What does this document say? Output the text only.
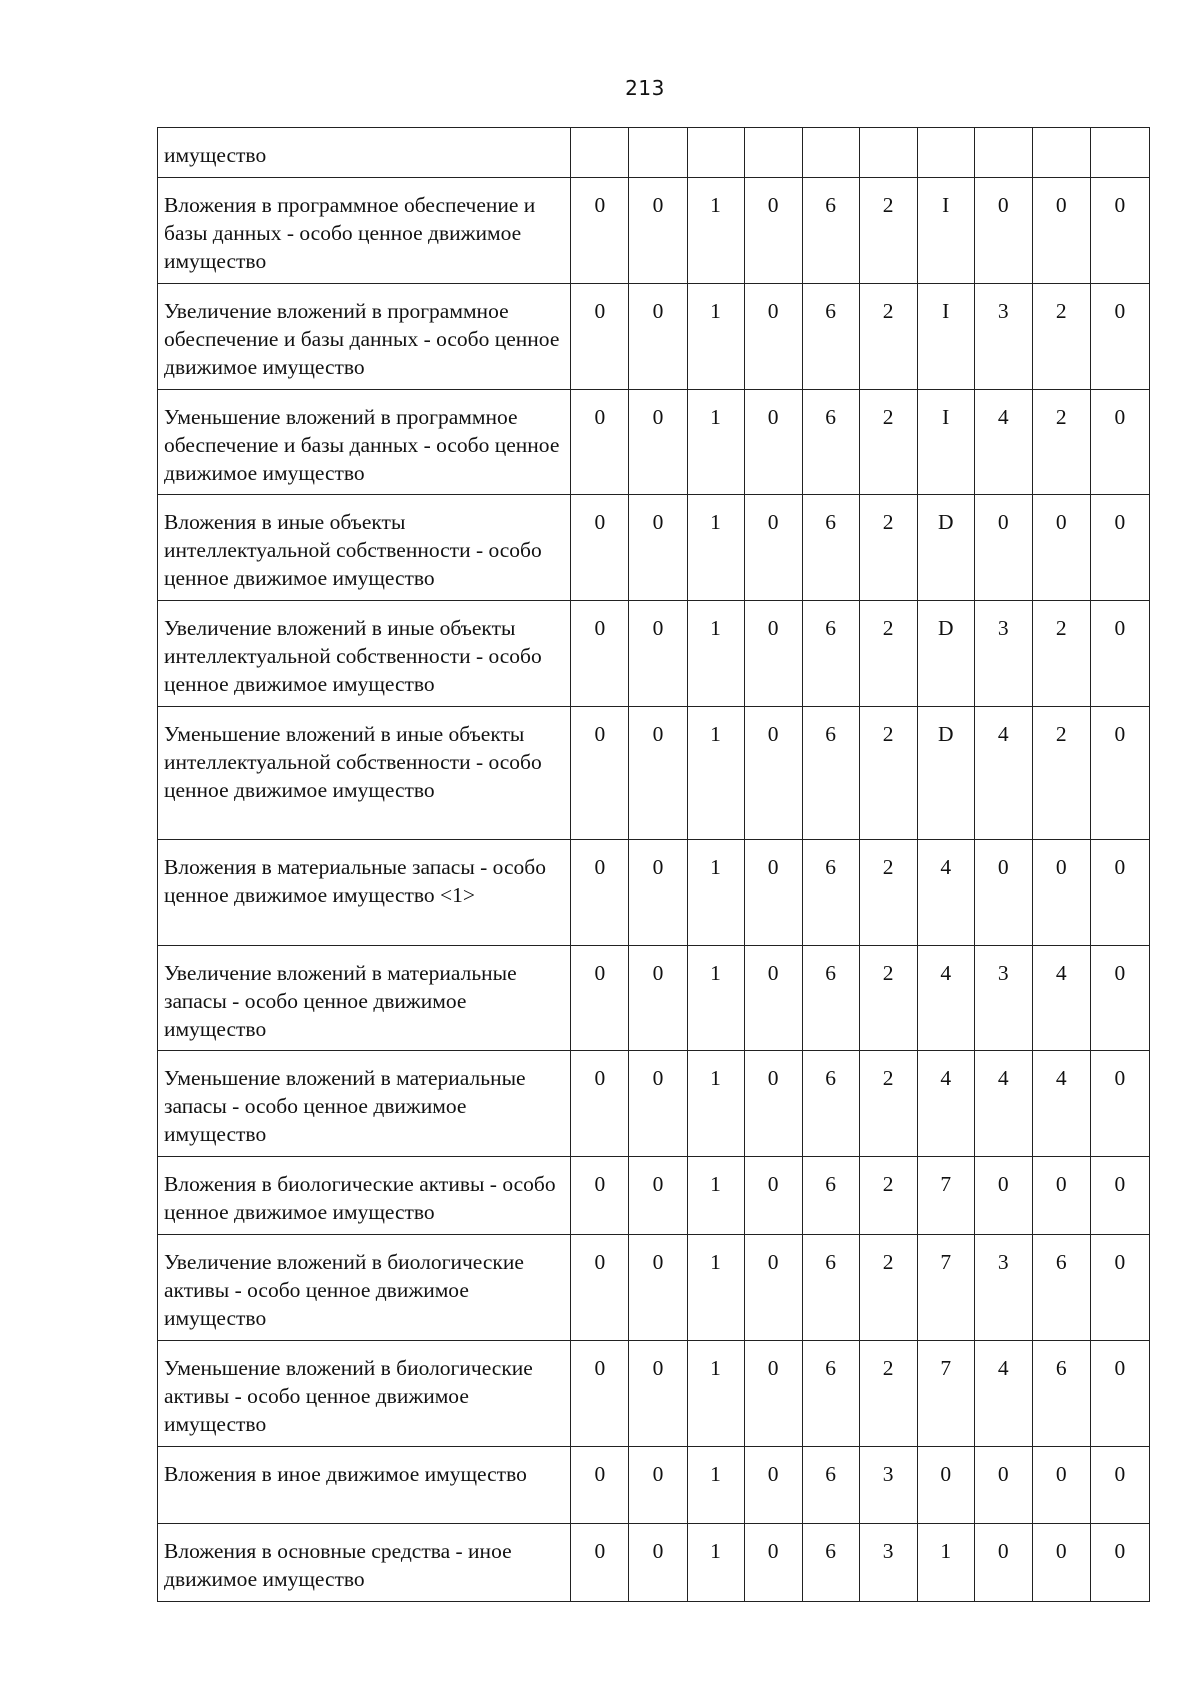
213
имущество										
Вложения в программное обеспечение и базы данных - особо ценное движимое имущество	0	0	1	0	6	2	I	0	0	0
Увеличение вложений в программное обеспечение и базы данных - особо ценное движимое имущество	0	0	1	0	6	2	I	3	2	0
Уменьшение вложений в программное обеспечение и базы данных - особо ценное движимое имущество	0	0	1	0	6	2	I	4	2	0
Вложения в иные объекты интеллектуальной собственности - особо ценное движимое имущество	0	0	1	0	6	2	D	0	0	0
Увеличение вложений в иные объекты интеллектуальной собственности - особо ценное движимое имущество	0	0	1	0	6	2	D	3	2	0
Уменьшение вложений в иные объекты интеллектуальной собственности - особо ценное движимое имущество	0	0	1	0	6	2	D	4	2	0
Вложения в материальные запасы - особо ценное движимое имущество <1>	0	0	1	0	6	2	4	0	0	0
Увеличение вложений в материальные запасы - особо ценное движимое имущество	0	0	1	0	6	2	4	3	4	0
Уменьшение вложений в материальные запасы - особо ценное движимое имущество	0	0	1	0	6	2	4	4	4	0
Вложения в биологические активы - особо ценное движимое имущество	0	0	1	0	6	2	7	0	0	0
Увеличение вложений в биологические активы - особо ценное движимое имущество	0	0	1	0	6	2	7	3	6	0
Уменьшение вложений в биологические активы - особо ценное движимое имущество	0	0	1	0	6	2	7	4	6	0
Вложения в иное движимое имущество	0	0	1	0	6	3	0	0	0	0
Вложения в основные средства - иное движимое имущество	0	0	1	0	6	3	1	0	0	0
